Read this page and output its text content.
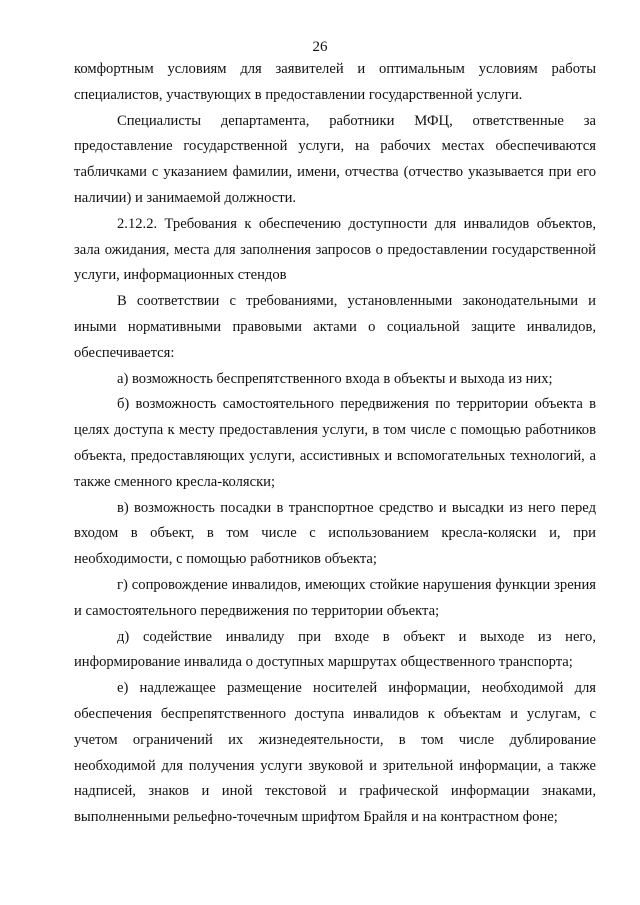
26

комфортным условиям для заявителей и оптимальным условиям работы специалистов, участвующих в предоставлении государственной услуги.

Специалисты департамента, работники МФЦ, ответственные за предоставление государственной услуги, на рабочих местах обеспечиваются табличками с указанием фамилии, имени, отчества (отчество указывается при его наличии) и занимаемой должности.

2.12.2. Требования к обеспечению доступности для инвалидов объектов, зала ожидания, места для заполнения запросов о предоставлении государственной услуги, информационных стендов

В соответствии с требованиями, установленными законодательными и иными нормативными правовыми актами о социальной защите инвалидов, обеспечивается:

а) возможность беспрепятственного входа в объекты и выхода из них;

б) возможность самостоятельного передвижения по территории объекта в целях доступа к месту предоставления услуги, в том числе с помощью работников объекта, предоставляющих услуги, ассистивных и вспомогательных технологий, а также сменного кресла-коляски;

в) возможность посадки в транспортное средство и высадки из него перед входом в объект, в том числе с использованием кресла-коляски и, при необходимости, с помощью работников объекта;

г) сопровождение инвалидов, имеющих стойкие нарушения функции зрения и самостоятельного передвижения по территории объекта;

д) содействие инвалиду при входе в объект и выходе из него, информирование инвалида о доступных маршрутах общественного транспорта;

е) надлежащее размещение носителей информации, необходимой для обеспечения беспрепятственного доступа инвалидов к объектам и услугам, с учетом ограничений их жизнедеятельности, в том числе дублирование необходимой для получения услуги звуковой и зрительной информации, а также надписей, знаков и иной текстовой и графической информации знаками, выполненными рельефно-точечным шрифтом Брайля и на контрастном фоне;
